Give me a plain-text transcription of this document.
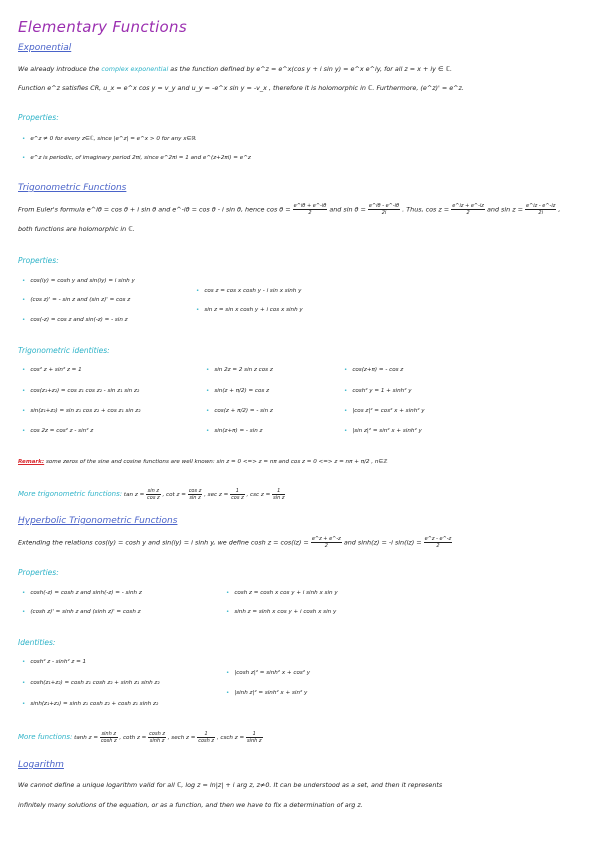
Elementary Functions
Exponential
We already introduce the complex exponential as the function defined by e^z = e^x(cos y + i sin y) = e^x e^iy, for all z = x + iy ∈ ℂ.
Function e^z satisfies CR, u_x = e^x cos y = v_y and u_y = -e^x sin y = -v_x , therefore it is holomorphic in ℂ. Furthermore, (e^z)' = e^z.
Properties:
• e^z ≠ 0 for every z∈ℂ, since |e^z| = e^x > 0 for any x∈ℝ
• e^z is periodic, of imaginary period 2πi, since e^2πi = 1 and e^(z+2πi) = e^z
Trigonometric Functions
From Euler's formula e^iθ = cos θ + i sin θ and e^-iθ = cos θ - i sin θ, hence $\cos \theta = \frac{e\^{}i\theta + e\^{}-i\theta}{2}$ and $\sin \theta = \frac{e\^{}i\theta - e\^{}-i\theta}{2i}$ . Thus, $\cos z = \frac{e\^{}iz + e\^{}-iz}{2}$ and $\sin z = \frac{e\^{}iz - e\^{}-iz}{2i}$ ,
both functions are holomorphic in ℂ.
Properties:
• cos(iy) = cosh y and sin(iy) = i sinh y
• (cos z)' = - sin z and (sin z)' = cos z
• cos(-z) = cos z and sin(-z) = - sin z
• cos z = cos x cosh y - i sin x sinh y
• sin z = sin x cosh y + i cos x sinh y
Trigonometric identities:
• cos² z + sin² z = 1
• cos(z₁+z₂) = cos z₁ cos z₂ - sin z₁ sin z₂
• sin(z₁+z₂) = sin z₁ cos z₂ + cos z₁ sin z₂
• cos 2z = cos² z - sin² z
• sin 2z = 2 sin z cos z
• sin(z + π/2) = cos z
• cos(z + π/2) = - sin z
• sin(z+π) = - sin z
• cos(z+π) = - cos z
• cosh² y = 1 + sinh² y
• |cos z|² = cos² x + sinh² y
• |sin z|² = sin² x + sinh² y
Remark: some zeros of the sine and cosine functions are well known: sin z = 0 <=> z = nπ and cos z = 0 <=> z = nπ + π/2 , n∈ℤ
More trigonometric functions: $\tan z = \frac{\text{sin z}}{\text{cos z}}$ , $\cot z = \frac{\text{cos z}}{\text{sin z}}$ , $\sec z = \frac{1}{\text{cos z}}$ , $\csc z = \frac{1}{\text{sin z}}$
Hyperbolic Trigonometric Functions
Extending the relations cos(iy) = cosh y and sin(iy) = i sinh y, we define $\cosh z = \cos(iz) = \frac{e\^{}z + e\^{}-z}{2}$ and sinh(z) = -i $\sin(iz) = \frac{e\^{}z - e\^{}-z}{2}$
Properties:
• cosh(-z) = cosh z and sinh(-z) = - sinh z
• (cosh z)' = sinh z and (sinh z)' = cosh z
• cosh z = cosh x cos y + i sinh x sin y
• sinh z = sinh x cos y + i cosh x sin y
Identities:
• cosh² z - sinh² z = 1
• cosh(z₁+z₂) = cosh z₁ cosh z₂ + sinh z₁ sinh z₂
• sinh(z₁+z₂) = sinh z₁ cosh z₂ + cosh z₁ sinh z₂
• |cosh z|² = sinh² x + cos² y
• |sinh z|² = sinh² x + sin² y
More functions: $\tanh z = \frac{\text{sinh z}}{\text{cosh z}}$ , coth $z = \frac{\text{cosh z}}{\text{sinh z}}$ , sech $z = \frac{1}{\text{cosh z}}$ , csch $z = \frac{1}{\text{sinh z}}$
Logarithm
We cannot define a unique logarithm valid for all ℂ, log z = ln|z| + i arg z, z≠0. It can be understood as a set, and then it represents
infinitely many solutions of the equation, or as a function, and then we have to fix a determination of arg z.
